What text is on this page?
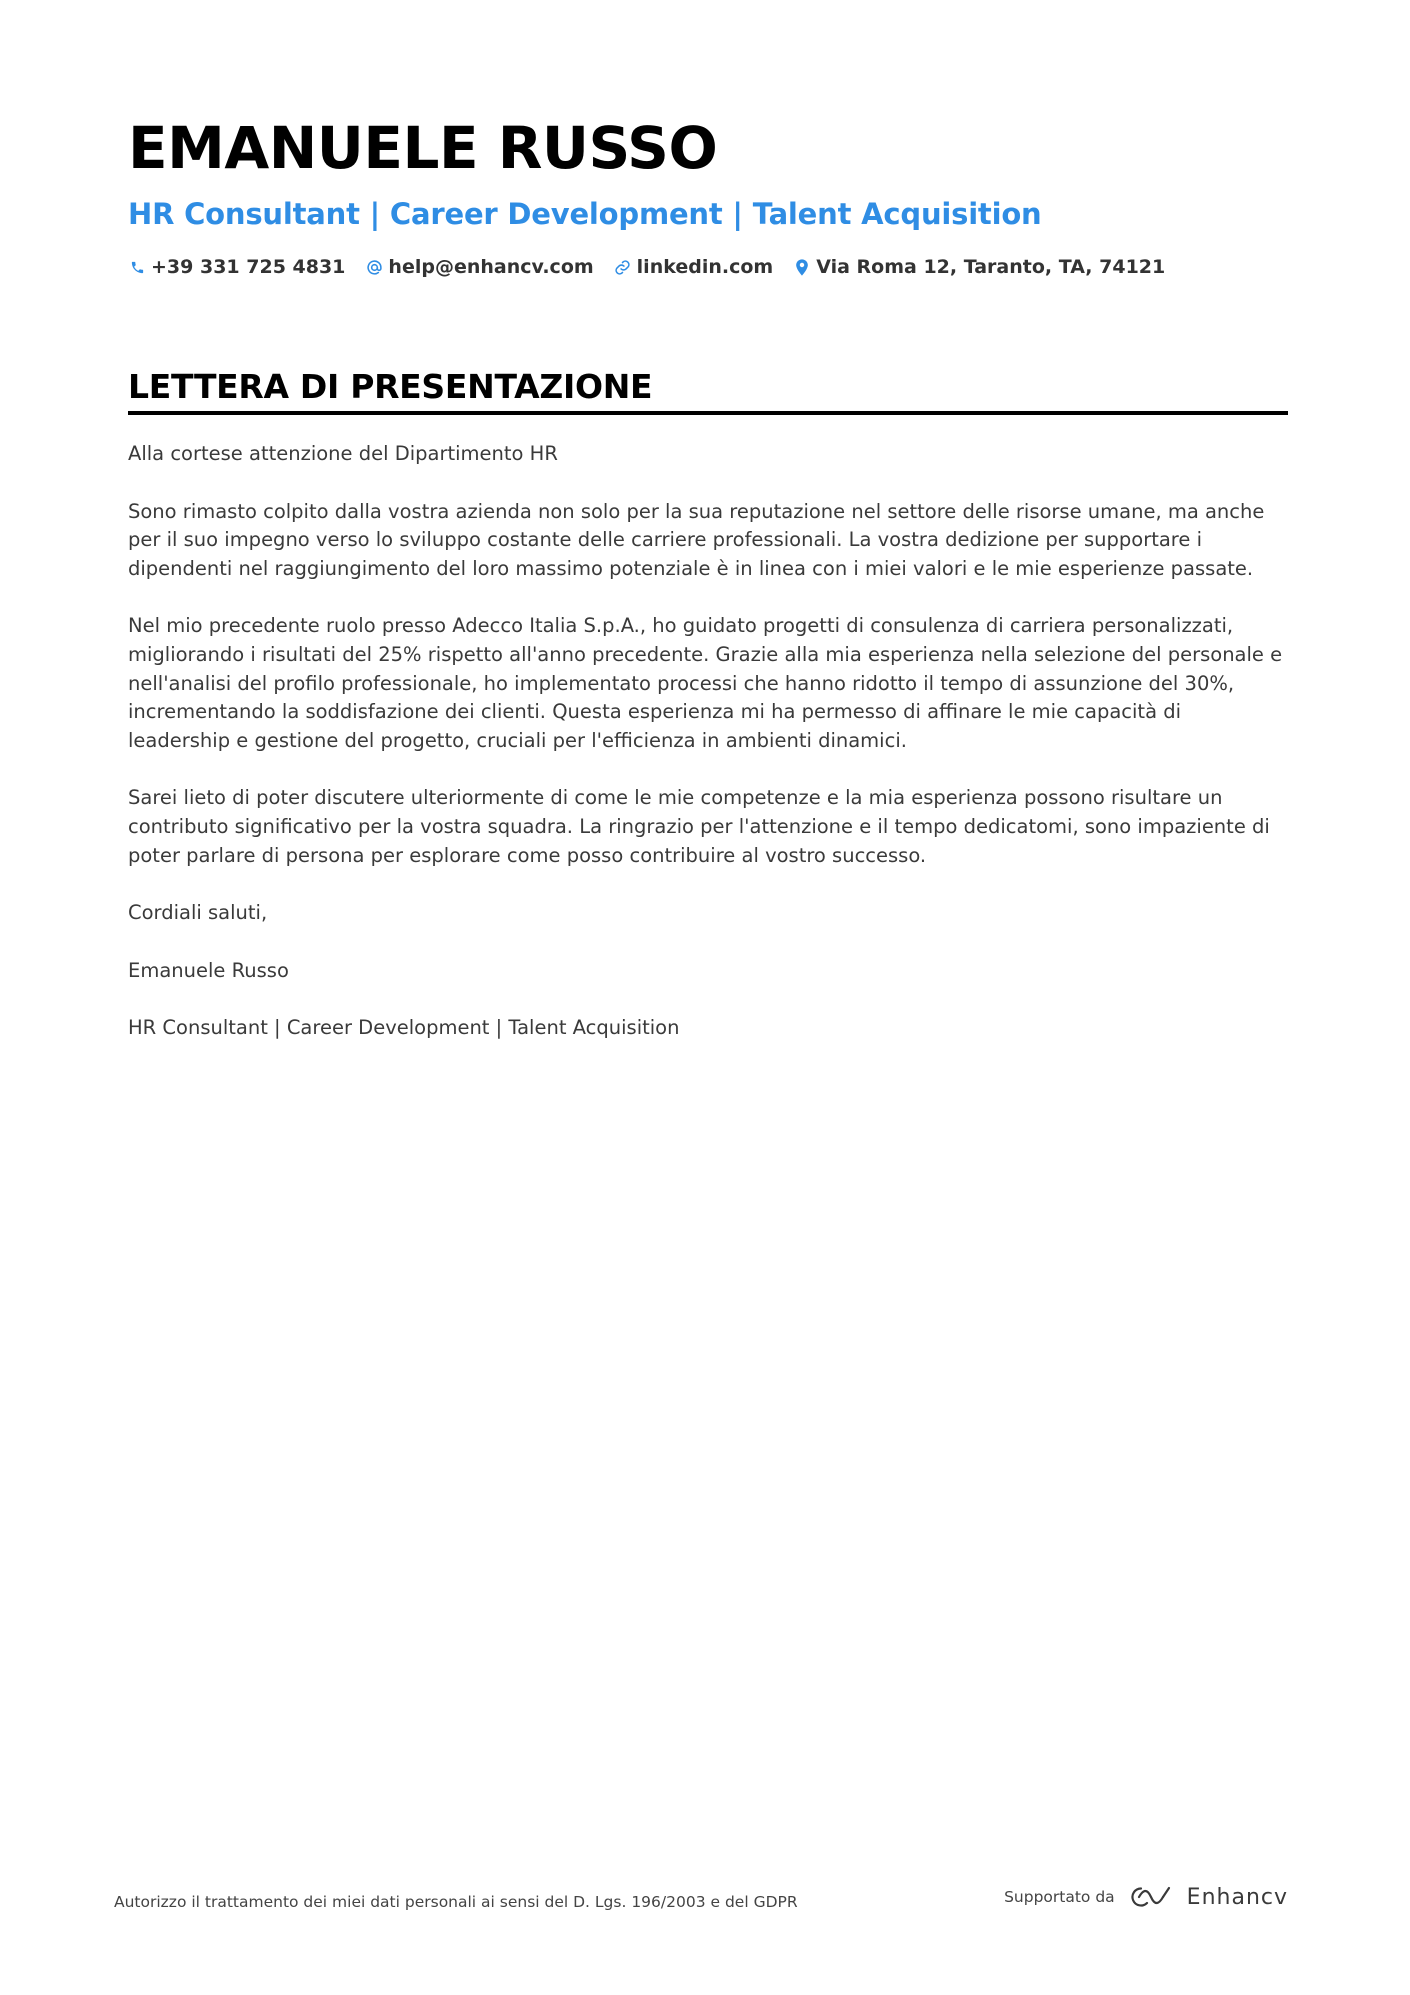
EMANUELE RUSSO
HR Consultant | Career Development | Talent Acquisition
+39 331 725 4831 help@enhancv.com linkedin.com Via Roma 12, Taranto, TA, 74121
LETTERA DI PRESENTAZIONE

Alla cortese attenzione del Dipartimento HR

Sono rimasto colpito dalla vostra azienda non solo per la sua reputazione nel settore delle risorse umane, ma anche per il suo impegno verso lo sviluppo costante delle carriere professionali. La vostra dedizione per supportare i dipendenti nel raggiungimento del loro massimo potenziale è in linea con i miei valori e le mie esperienze passate.

Nel mio precedente ruolo presso Adecco Italia S.p.A., ho guidato progetti di consulenza di carriera personalizzati, migliorando i risultati del 25% rispetto all'anno precedente. Grazie alla mia esperienza nella selezione del personale e nell'analisi del profilo professionale, ho implementato processi che hanno ridotto il tempo di assunzione del 30%, incrementando la soddisfazione dei clienti. Questa esperienza mi ha permesso di affinare le mie capacità di leadership e gestione del progetto, cruciali per l'efficienza in ambienti dinamici.

Sarei lieto di poter discutere ulteriormente di come le mie competenze e la mia esperienza possono risultare un contributo significativo per la vostra squadra. La ringrazio per l'attenzione e il tempo dedicatomi, sono impaziente di poter parlare di persona per esplorare come posso contribuire al vostro successo.

Cordiali saluti,

Emanuele Russo

HR Consultant | Career Development | Talent Acquisition

Autorizzo il trattamento dei miei dati personali ai sensi del D. Lgs. 196/2003 e del GDPR	Supportato da	Enhancv
